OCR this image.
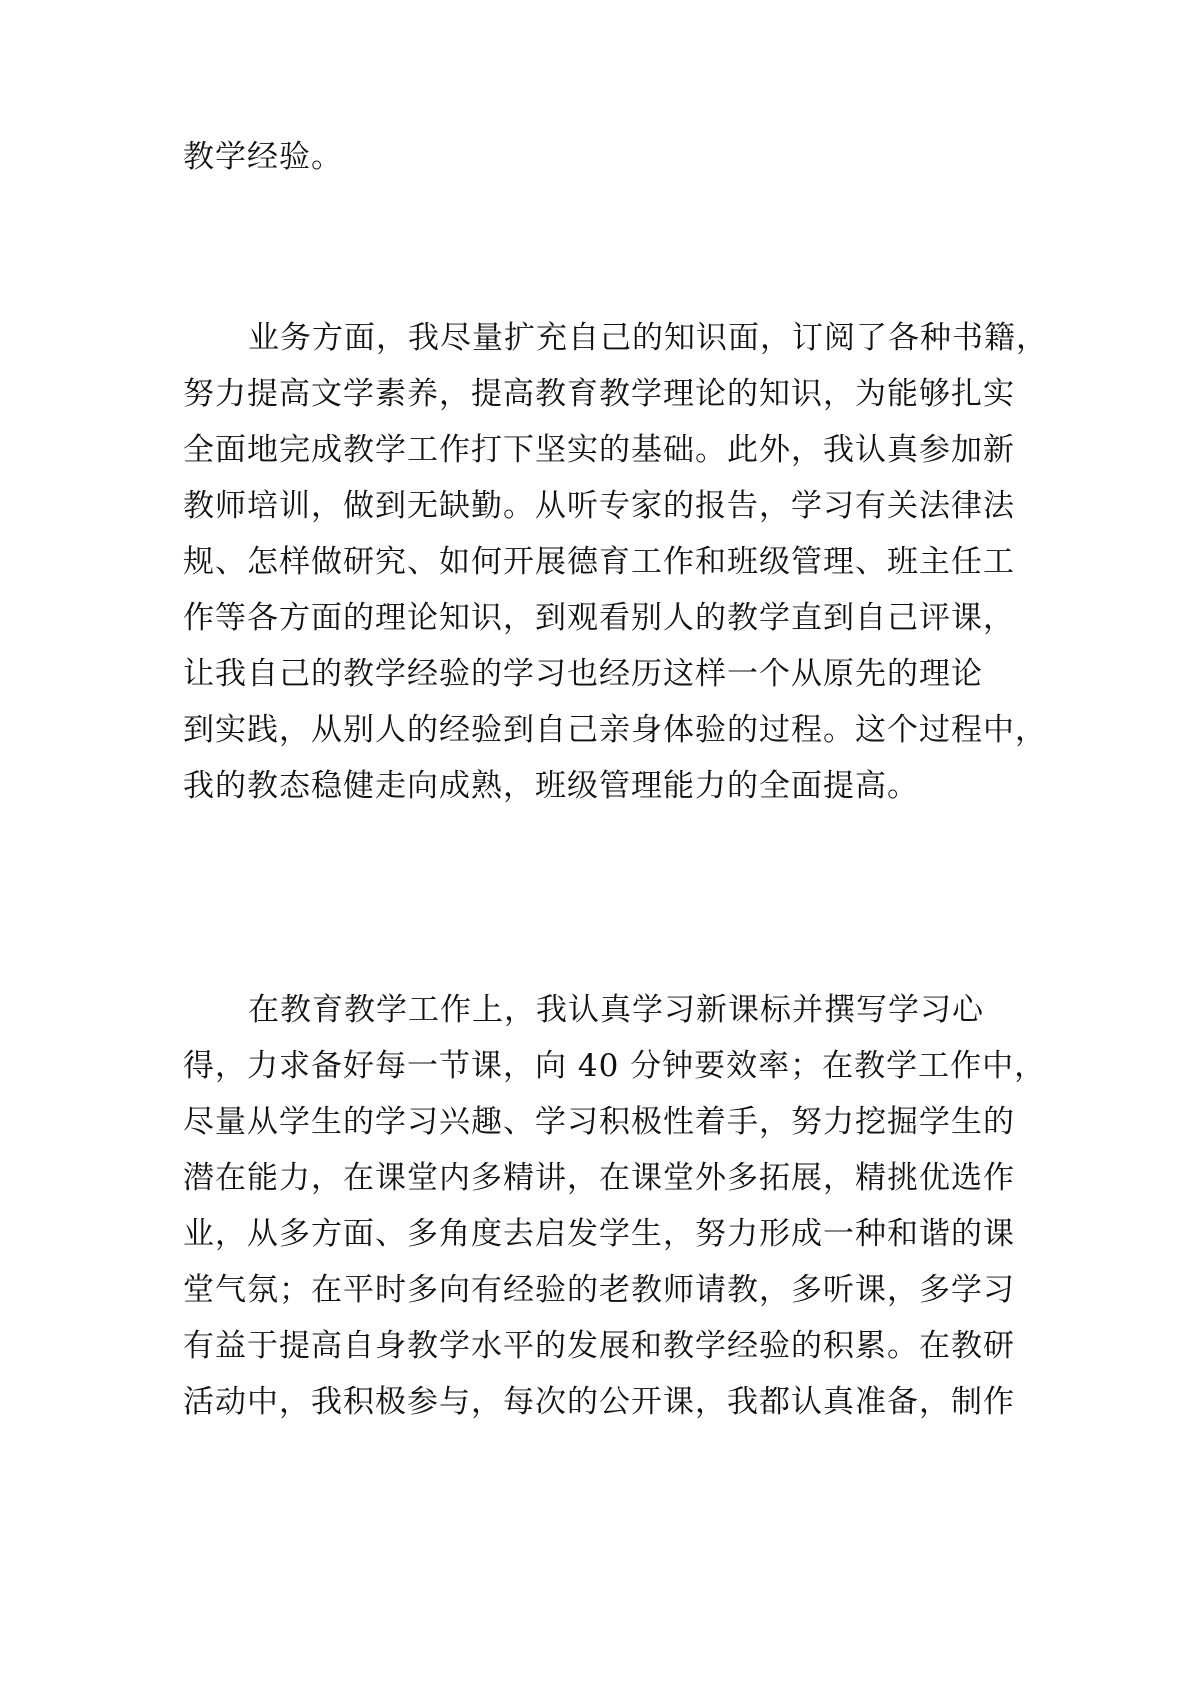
教学经验。
业务方面，我尽量扩充自己的知识面，订阅了各种书籍，
努力提高文学素养，提高教育教学理论的知识，为能够扎实
全面地完成教学工作打下坚实的基础。此外，我认真参加新
教师培训，做到无缺勤。从听专家的报告，学习有关法律法
规、怎样做研究、如何开展德育工作和班级管理、班主任工
作等各方面的理论知识，到观看别人的教学直到自己评课，
让我自己的教学经验的学习也经历这样一个从原先的理论
到实践，从别人的经验到自己亲身体验的过程。这个过程中，
我的教态稳健走向成熟，班级管理能力的全面提高。
在教育教学工作上，我认真学习新课标并撰写学习心
得，力求备好每一节课，向 40 分钟要效率；在教学工作中，
尽量从学生的学习兴趣、学习积极性着手，努力挖掘学生的
潜在能力，在课堂内多精讲，在课堂外多拓展，精挑优选作
业，从多方面、多角度去启发学生，努力形成一种和谐的课
堂气氛；在平时多向有经验的老教师请教，多听课，多学习
有益于提高自身教学水平的发展和教学经验的积累。在教研
活动中，我积极参与，每次的公开课，我都认真准备，制作
